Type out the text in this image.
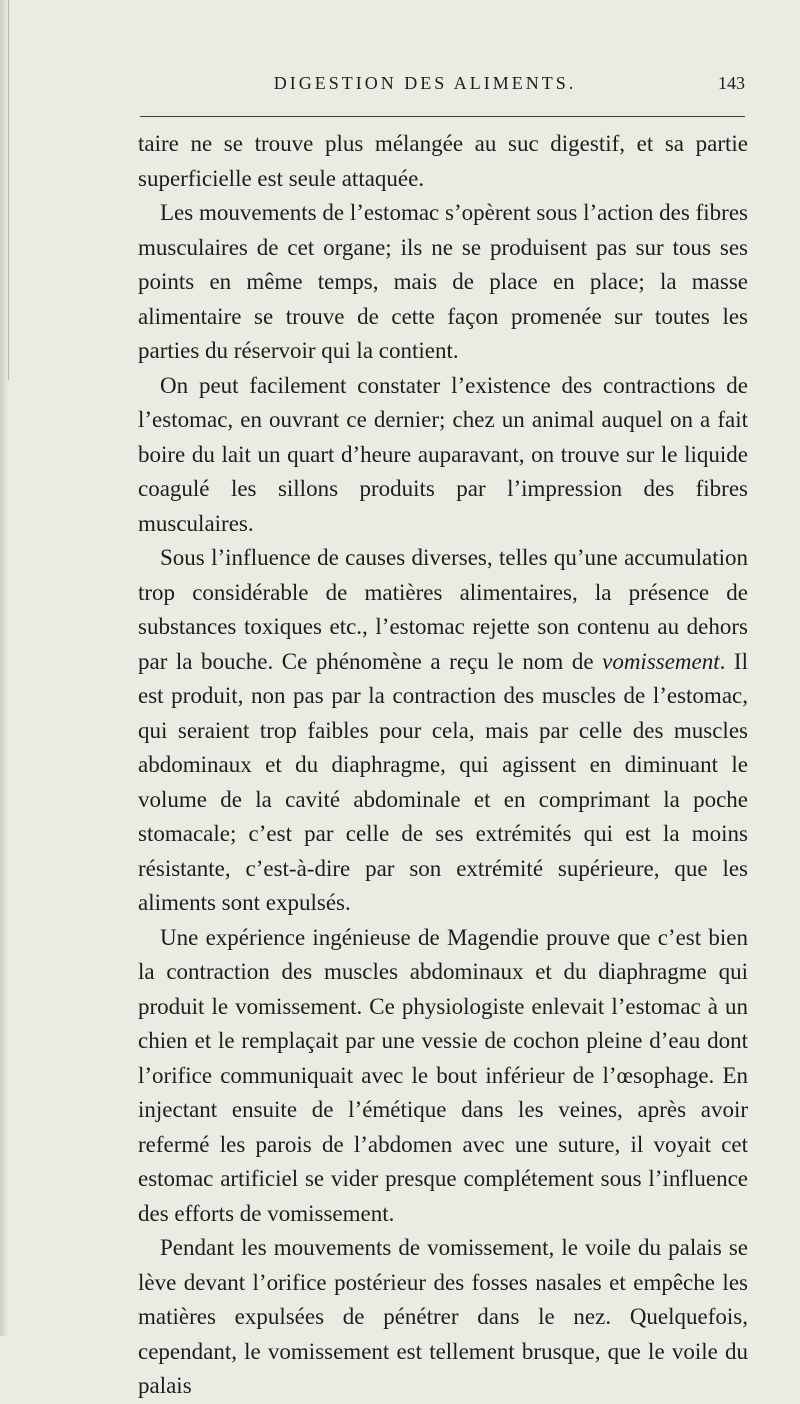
DIGESTION DES ALIMENTS.	143

taire ne se trouve plus mélangée au suc digestif, et sa partie superficielle est seule attaquée.

Les mouvements de l’estomac s’opèrent sous l’action des fibres musculaires de cet organe; ils ne se produisent pas sur tous ses points en même temps, mais de place en place; la masse alimentaire se trouve de cette façon promenée sur toutes les parties du réservoir qui la contient.

On peut facilement constater l’existence des contractions de l’estomac, en ouvrant ce dernier; chez un animal auquel on a fait boire du lait un quart d’heure auparavant, on trouve sur le liquide coagulé les sillons produits par l’impression des fibres musculaires.

Sous l’influence de causes diverses, telles qu’une accumulation trop considérable de matières alimentaires, la présence de substances toxiques etc., l’estomac rejette son contenu au dehors par la bouche. Ce phénomène a reçu le nom de vomissement. Il est produit, non pas par la contraction des muscles de l’estomac, qui seraient trop faibles pour cela, mais par celle des muscles abdominaux et du diaphragme, qui agissent en diminuant le volume de la cavité abdominale et en comprimant la poche stomacale; c’est par celle de ses extrémités qui est la moins résistante, c’est-à-dire par son extrémité supérieure, que les aliments sont expulsés.

Une expérience ingénieuse de Magendie prouve que c’est bien la contraction des muscles abdominaux et du diaphragme qui produit le vomissement. Ce physiologiste enlevait l’estomac à un chien et le remplaçait par une vessie de cochon pleine d’eau dont l’orifice communiquait avec le bout inférieur de l’œsophage. En injectant ensuite de l’émétique dans les veines, après avoir refermé les parois de l’abdomen avec une suture, il voyait cet estomac artificiel se vider presque complétement sous l’influence des efforts de vomissement.

Pendant les mouvements de vomissement, le voile du palais se lève devant l’orifice postérieur des fosses nasales et empêche les matières expulsées de pénétrer dans le nez. Quelquefois, cependant, le vomissement est tellement brusque, que le voile du palais
